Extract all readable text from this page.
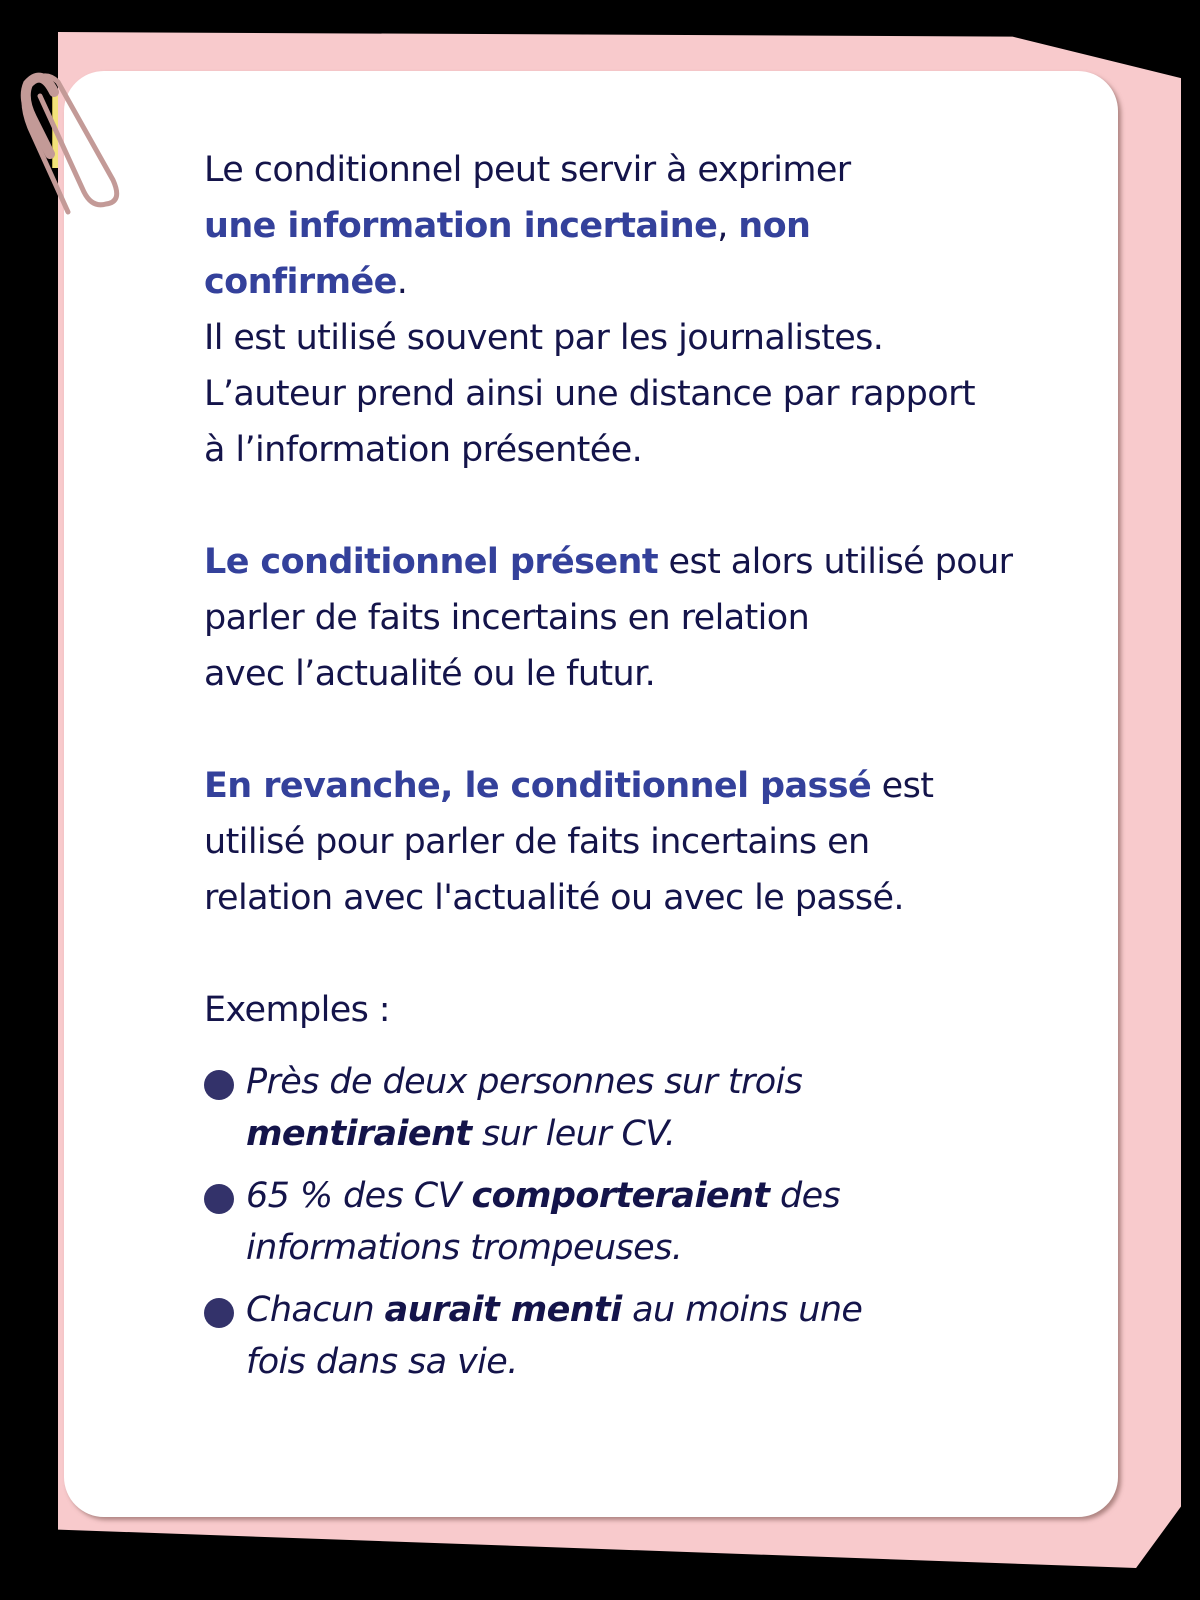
Le conditionnel peut servir à exprimer
une information incertaine, non
confirmée.
Il est utilisé souvent par les journalistes.
L’auteur prend ainsi une distance par rapport
à l’information présentée.

Le conditionnel présent est alors utilisé pour
parler de faits incertains en relation
avec l’actualité ou le futur.

En revanche, le conditionnel passé est
utilisé pour parler de faits incertains en
relation avec l'actualité ou avec le passé.

Exemples :

Près de deux personnes sur trois
mentiraient sur leur CV.
65 % des CV comporteraient des
informations trompeuses.
Chacun aurait menti au moins une
fois dans sa vie.
